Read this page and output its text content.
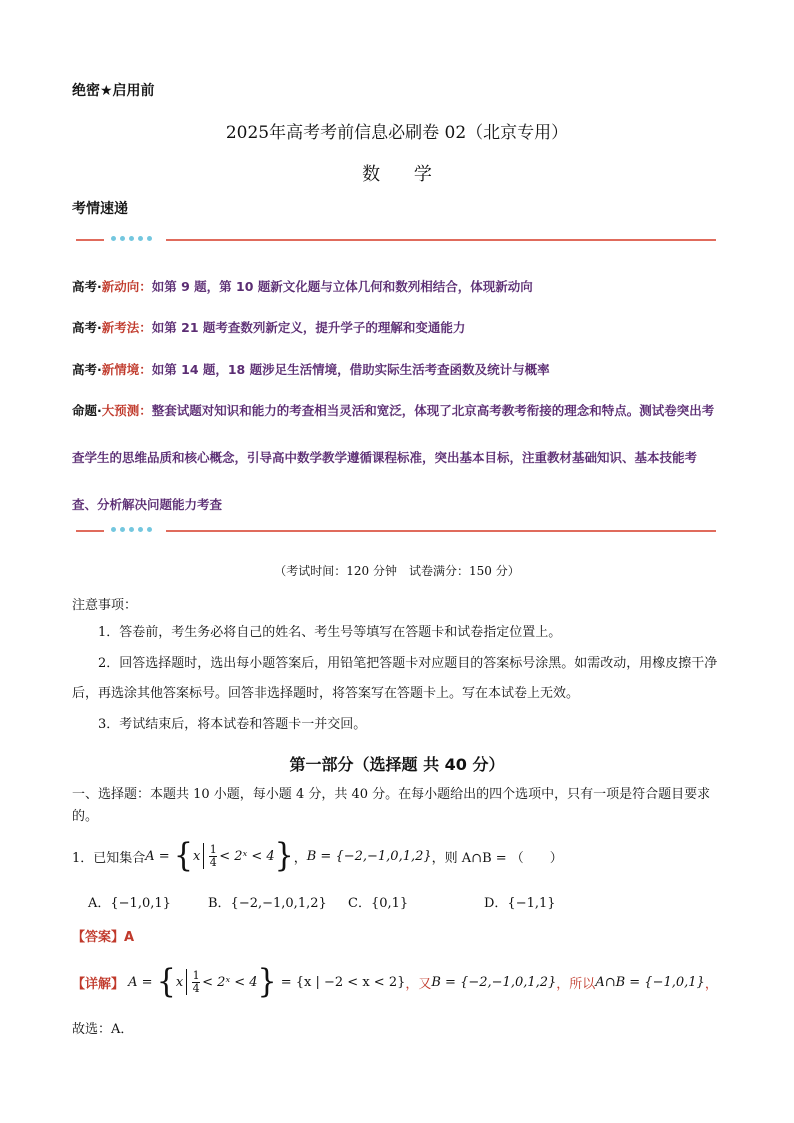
绝密★启用前
2025年高考考前信息必刷卷 02（北京专用）
数 学
考情速递
高考·新动向：如第 9 题，第 10 题新文化题与立体几何和数列相结合，体现新动向
高考·新考法：如第 21 题考查数列新定义，提升学子的理解和变通能力
高考·新情境：如第 14 题，18 题涉足生活情境，借助实际生活考查函数及统计与概率
命题·大预测：整套试题对知识和能力的考查相当灵活和宽泛，体现了北京高考教考衔接的理念和特点。测试卷突出考查学生的思维品质和核心概念，引导高中数学教学遵循课程标准，突出基本目标，注重教材基础知识、基本技能考查、分析解决问题能力考查
（考试时间：120 分钟　试卷满分：150 分）
注意事项：
1．答卷前，考生务必将自己的姓名、考生号等填写在答题卡和试卷指定位置上。
2．回答选择题时，选出每小题答案后，用铅笔把答题卡对应题目的答案标号涂黑。如需改动，用橡皮擦干净后，再选涂其他答案标号。回答非选择题时，将答案写在答题卡上。写在本试卷上无效。
3．考试结束后，将本试卷和答题卡一并交回。
第一部分（选择题 共 40 分）
一、选择题：本题共 10 小题，每小题 4 分，共 40 分。在每小题给出的四个选项中，只有一项是符合题目要求的。
1．已知集合 A =
{ x $\frac{1}{4}$ < 2ˣ < 4 } ， B = {−2,−1,0,1,2} ，则 A∩B = （　　）
A．{−1,0,1}	B．{−2,−1,0,1,2} C．{0,1}	D．{−1,1}
【答案】A
【详解】
A =
{ x $\frac{1}{4}$ < 2ˣ < 4 }
= {x | −2 < x < 2} ，又 B = {−2,−1,0,1,2} ，所以 A∩B = {−1,0,1} ，
故选：A．
